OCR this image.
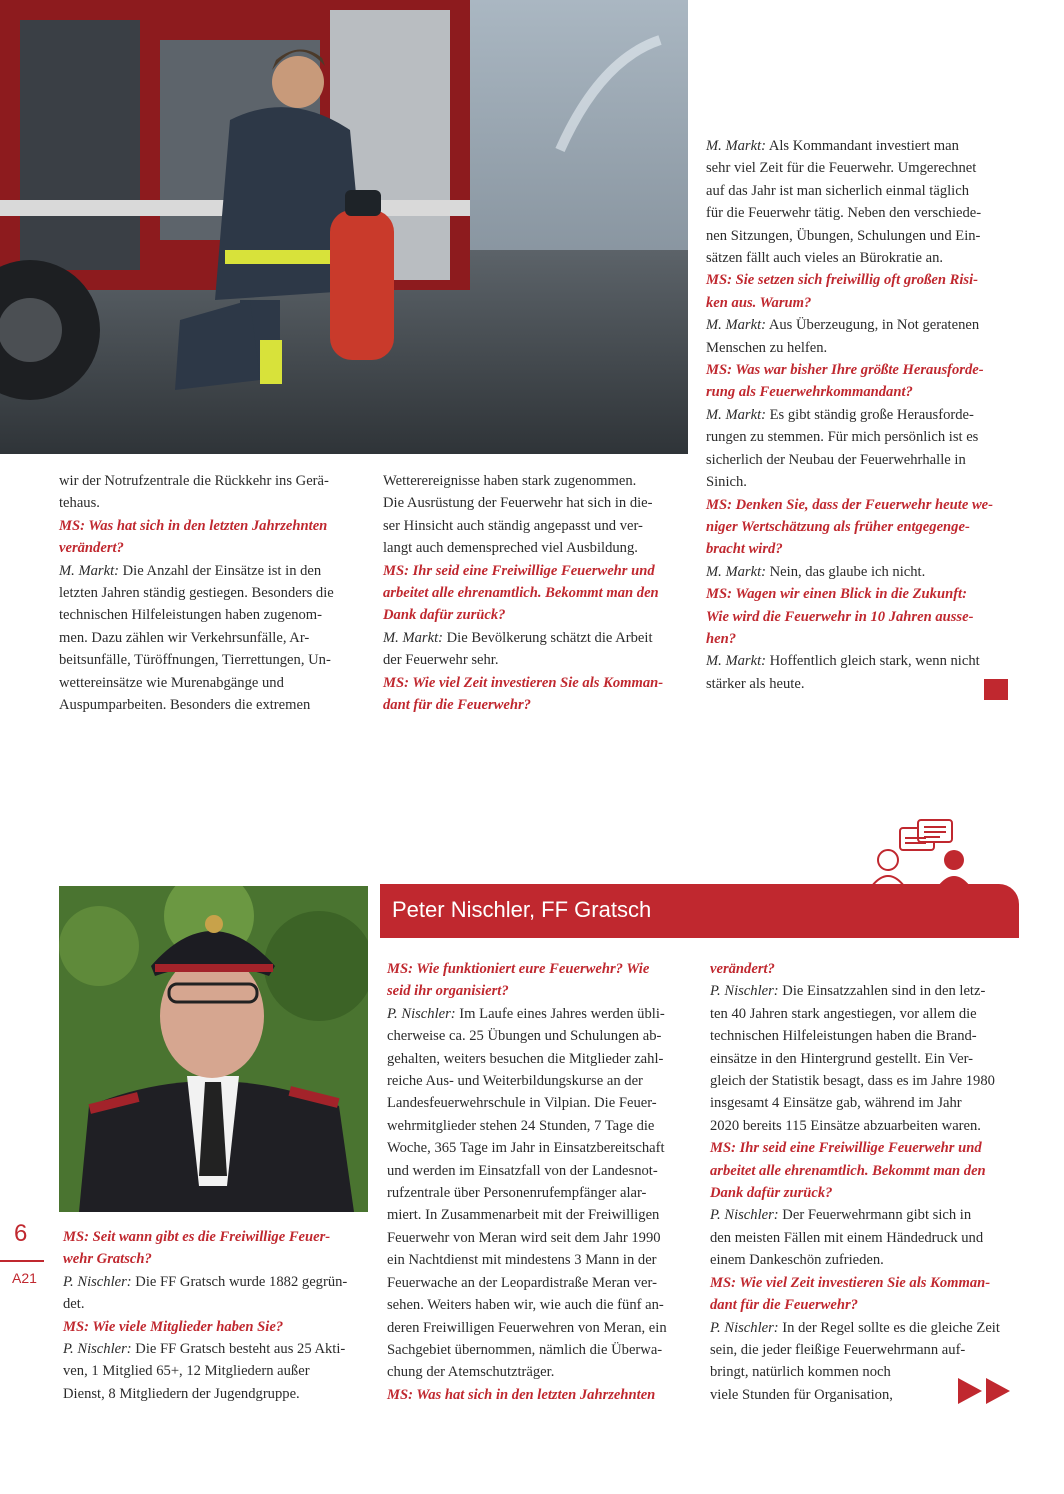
wir der Notrufzentrale die Rückkehr ins Gerä-

tehaus.

MS: Was hat sich in den letzten Jahrzehnten

verändert?

M. Markt: Die Anzahl der Einsätze ist in den

letzten Jahren ständig gestiegen. Besonders die

technischen Hilfeleistungen haben zugenom-

men. Dazu zählen wir Verkehrsunfälle, Ar-

beitsunfälle, Türöffnungen, Tierrettungen, Un-

wettereinsätze wie Murenabgänge und

Auspumparbeiten. Besonders die extremen

Wetterereignisse haben stark zugenommen.

Die Ausrüstung der Feuerwehr hat sich in die-

ser Hinsicht auch ständig angepasst und ver-

langt auch demenspreched viel Ausbildung.

MS: Ihr seid eine Freiwillige Feuerwehr und

arbeitet alle ehrenamtlich. Bekommt man den

Dank dafür zurück?

M. Markt: Die Bevölkerung schätzt die Arbeit

der Feuerwehr sehr.

MS: Wie viel Zeit investieren Sie als Komman-

dant für die Feuerwehr?

M. Markt: Als Kommandant investiert man

sehr viel Zeit für die Feuerwehr. Umgerechnet

auf das Jahr ist man sicherlich einmal täglich

für die Feuerwehr tätig. Neben den verschiede-

nen Sitzungen, Übungen, Schulungen und Ein-

sätzen fällt auch vieles an Bürokratie an.

MS: Sie setzen sich freiwillig oft großen Risi-

ken aus. Warum?

M. Markt: Aus Überzeugung, in Not geratenen

Menschen zu helfen.

MS: Was war bisher Ihre größte Herausforde-

rung als Feuerwehrkommandant?

M. Markt: Es gibt ständig große Herausforde-

rungen zu stemmen. Für mich persönlich ist es

sicherlich der Neubau der Feuerwehrhalle in

Sinich.

MS: Denken Sie, dass der Feuerwehr heute we-

niger Wertschätzung als früher entgegenge-

bracht wird?

M. Markt: Nein, das glaube ich nicht.

MS: Wagen wir einen Blick in die Zukunft:

Wie wird die Feuerwehr in 10 Jahren ausse-

hen?

M. Markt: Hoffentlich gleich stark, wenn nicht

stärker als heute.

Peter Nischler, FF Gratsch

MS: Seit wann gibt es die Freiwillige Feuer-

wehr Gratsch?

P. Nischler: Die FF Gratsch wurde 1882 gegrün-

det.

MS: Wie viele Mitglieder haben Sie?

P. Nischler: Die FF Gratsch besteht aus 25 Akti-

ven, 1 Mitglied 65+, 12 Mitgliedern außer

Dienst, 8 Mitgliedern der Jugendgruppe.

MS: Wie funktioniert eure Feuerwehr? Wie

seid ihr organisiert?

P. Nischler: Im Laufe eines Jahres werden übli-

cherweise ca. 25 Übungen und Schulungen ab-

gehalten, weiters besuchen die Mitglieder zahl-

reiche Aus- und Weiterbildungskurse an der

Landesfeuerwehrschule in Vilpian. Die Feuer-

wehrmitglieder stehen 24 Stunden, 7 Tage die

Woche, 365 Tage im Jahr in Einsatzbereitschaft

und werden im Einsatzfall von der Landesnot-

rufzentrale über Personenrufempfänger alar-

miert. In Zusammenarbeit mit der Freiwilligen

Feuerwehr von Meran wird seit dem Jahr 1990

ein Nachtdienst mit mindestens 3 Mann in der

Feuerwache an der Leopardistraße Meran ver-

sehen. Weiters haben wir, wie auch die fünf an-

deren Freiwilligen Feuerwehren von Meran, ein

Sachgebiet übernommen, nämlich die Überwa-

chung der Atemschutzträger.

MS: Was hat sich in den letzten Jahrzehnten

verändert?

P. Nischler: Die Einsatzzahlen sind in den letz-

ten 40 Jahren stark angestiegen, vor allem die

technischen Hilfeleistungen haben die Brand-

einsätze in den Hintergrund gestellt. Ein Ver-

gleich der Statistik besagt, dass es im Jahre 1980

insgesamt 4 Einsätze gab, während im Jahr

2020 bereits 115 Einsätze abzuarbeiten waren.

MS: Ihr seid eine Freiwillige Feuerwehr und

arbeitet alle ehrenamtlich. Bekommt man den

Dank dafür zurück?

P. Nischler: Der Feuerwehrmann gibt sich in

den meisten Fällen mit einem Händedruck und

einem Dankeschön zufrieden.

MS: Wie viel Zeit investieren Sie als Komman-

dant für die Feuerwehr?

P. Nischler: In der Regel sollte es die gleiche Zeit

sein, die jeder fleißige Feuerwehrmann auf-

bringt, natürlich kommen noch

viele Stunden für Organisation,

6

A21
